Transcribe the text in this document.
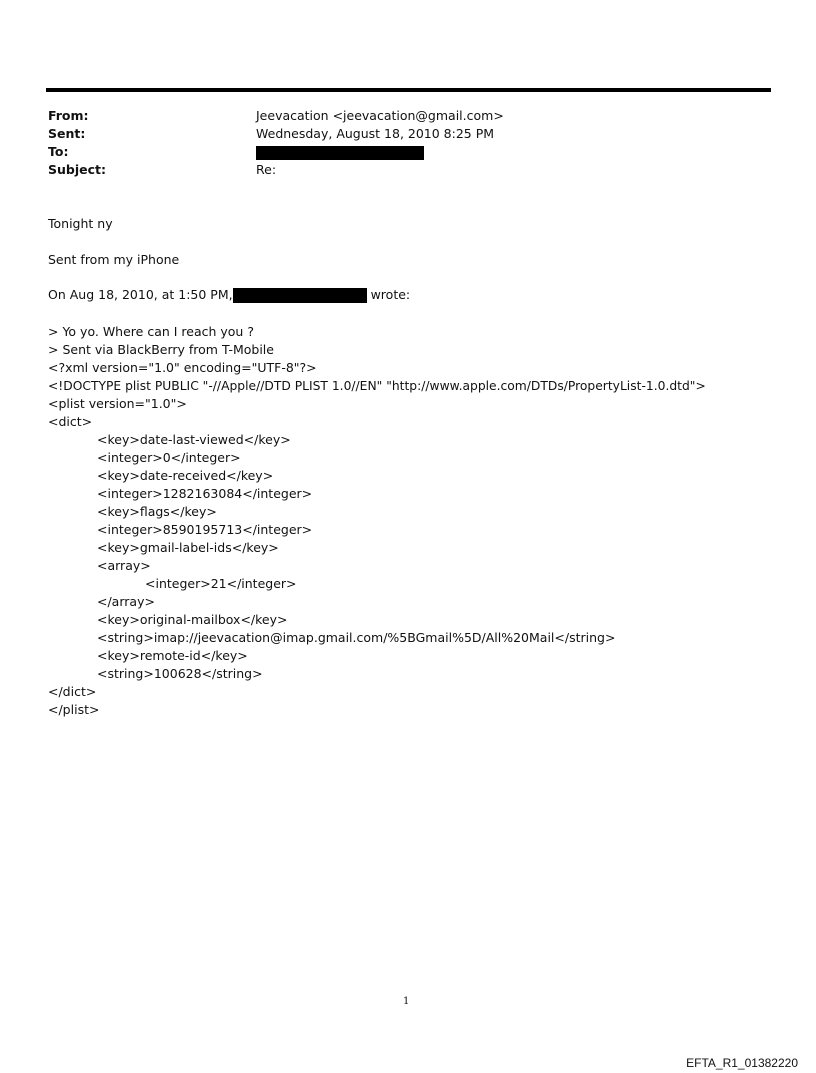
From:	Jeevacation <jeevacation@gmail.com>
Sent:	Wednesday, August 18, 2010 8:25 PM
To:
Subject:	Re:
Tonight ny
Sent from my iPhone
On Aug 18, 2010, at 1:50 PM,	wrote:
> Yo yo. Where can I reach you ?
> Sent via BlackBerry from T-Mobile
<?xml version="1.0" encoding="UTF-8"?>
<!DOCTYPE plist PUBLIC "-//Apple//DTD PLIST 1.0//EN" "http://www.apple.com/DTDs/PropertyList-1.0.dtd">
<plist version="1.0">
<dict>
<key>date-last-viewed</key>
<integer>0</integer>
<key>date-received</key>
<integer>1282163084</integer>
<key>flags</key>
<integer>8590195713</integer>
<key>gmail-label-ids</key>
<array>
<integer>21</integer>
</array>
<key>original-mailbox</key>
<string>imap://jeevacation@imap.gmail.com/%5BGmail%5D/All%20Mail</string>
<key>remote-id</key>
<string>100628</string>
</dict>
</plist>
1
EFTA_R1_01382220
